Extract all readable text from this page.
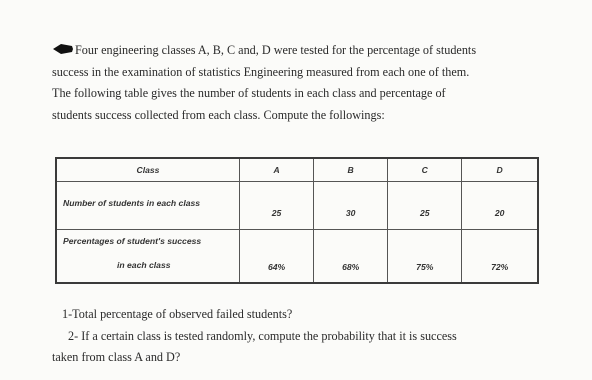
Four engineering classes A, B, C and, D were tested for the percentage of students

success in the examination of statistics Engineering measured from each one of them.

The following table gives the number of students in each class and percentage of

students success collected from each class. Compute the followings:

Class	A	B	C	D

Number of students in each class	25	30	25	20

Percentages of student's success
in each class	64%	68%	75%	72%

1-Total percentage of observed failed students?

2- If a certain class is tested randomly, compute the probability that it is success

taken from class A and D?
